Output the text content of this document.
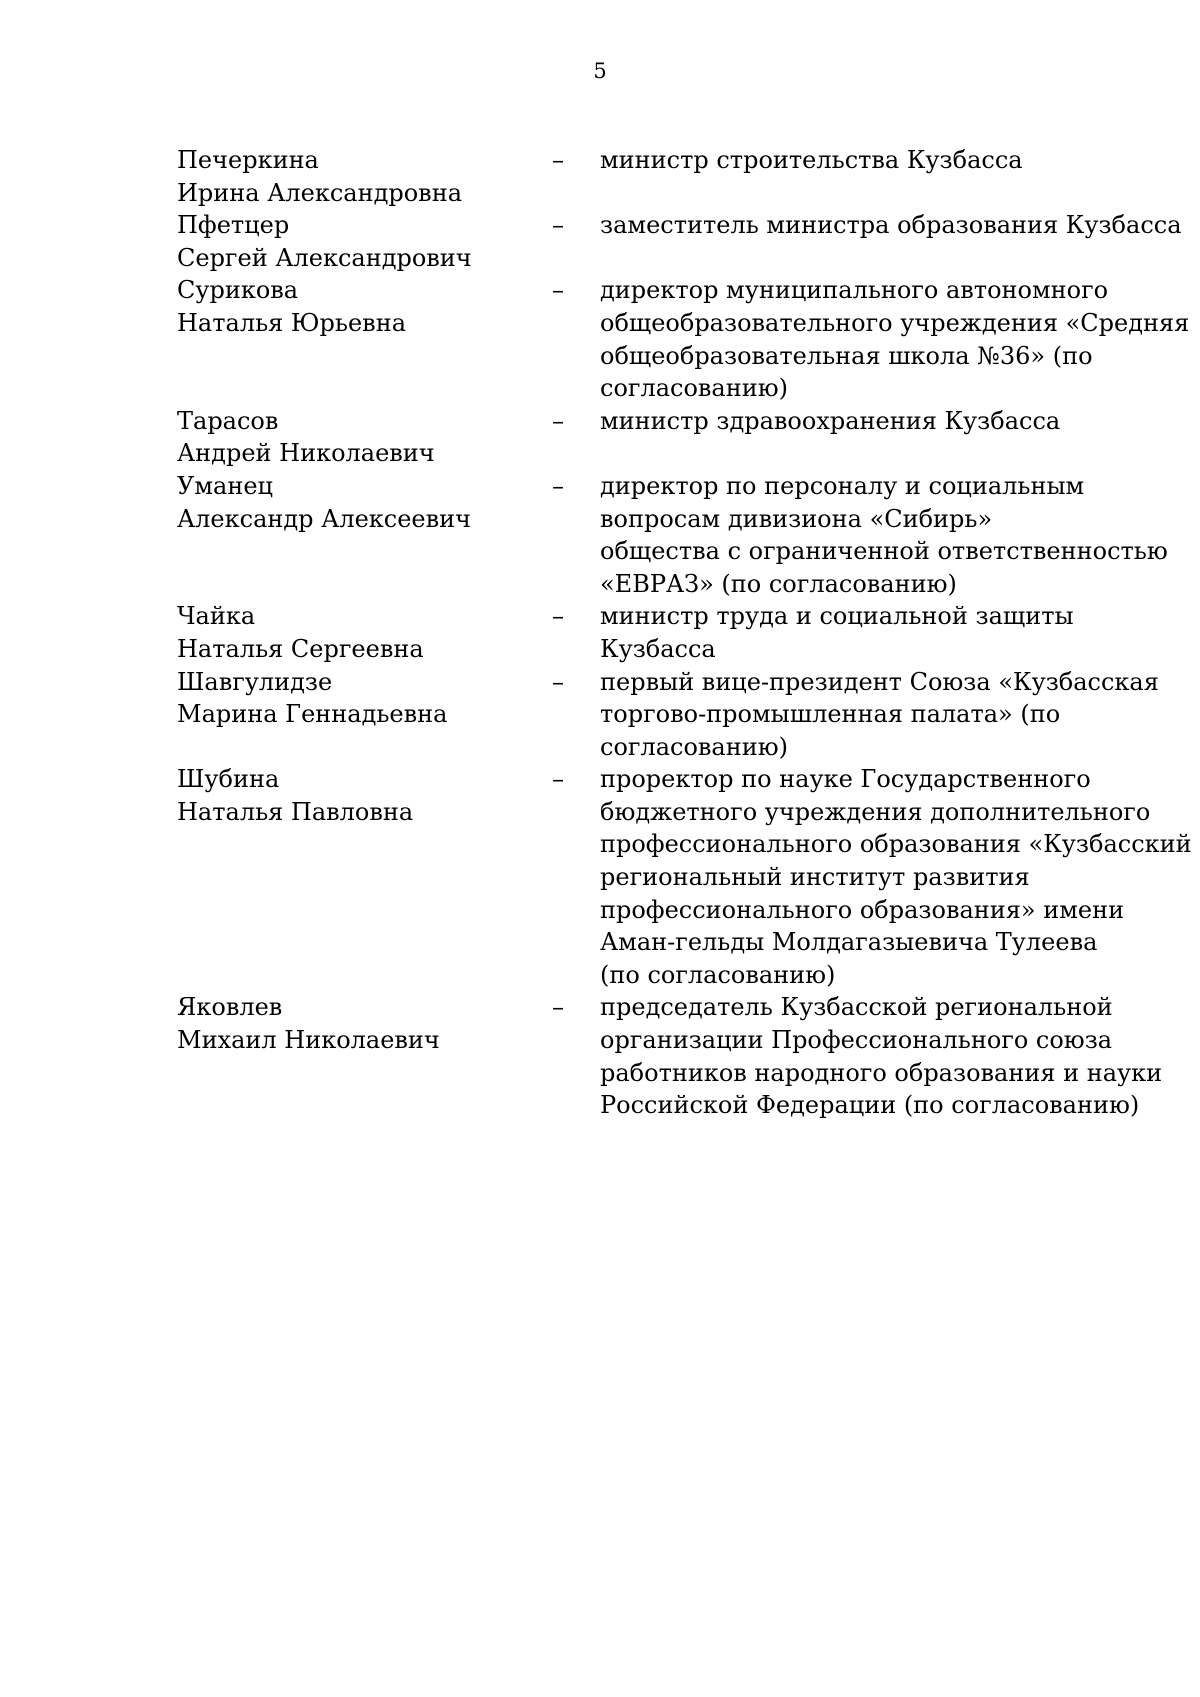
5
Печеркина
Ирина Александровна
–	министр строительства Кузбасса
Пфетцер
Сергей Александрович
–	заместитель министра образования Кузбасса
Сурикова
Наталья Юрьевна
–	директор муниципального автономного
общеобразовательного учреждения «Средняя
общеобразовательная школа №36» (по
согласованию)
Тарасов
Андрей Николаевич
–	министр здравоохранения Кузбасса
Уманец
Александр Алексеевич
–	директор по персоналу и социальным
вопросам дивизиона «Сибирь»
общества с ограниченной ответственностью
«ЕВРАЗ» (по согласованию)
Чайка
Наталья Сергеевна
–	министр труда и социальной защиты
Кузбасса
Шавгулидзе
Марина Геннадьевна
–	первый вице-президент Союза «Кузбасская
торгово-промышленная палата» (по
согласованию)
Шубина
Наталья Павловна
–	проректор по науке Государственного
бюджетного учреждения дополнительного
профессионального образования «Кузбасский
региональный институт развития
профессионального образования» имени
Аман-гельды Молдагазыевича Тулеева
(по согласованию)
Яковлев
Михаил Николаевич
–	председатель Кузбасской региональной
организации Профессионального союза
работников народного образования и науки
Российской Федерации (по согласованию)
